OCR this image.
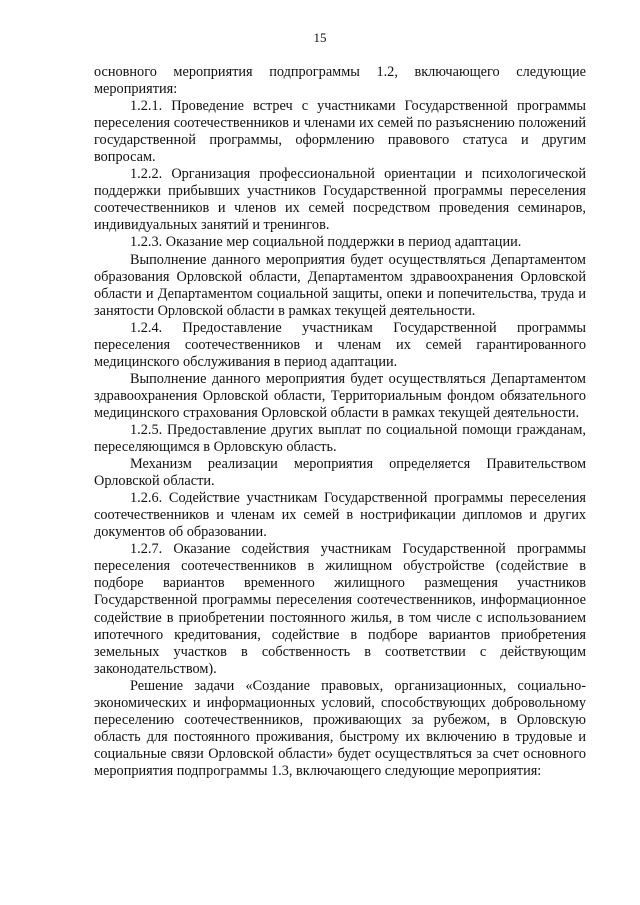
15

основного мероприятия подпрограммы 1.2, включающего следующие мероприятия:

1.2.1. Проведение встреч с участниками Государственной программы переселения соотечественников и членами их семей по разъяснению положений государственной программы, оформлению правового статуса и другим вопросам.

1.2.2. Организация профессиональной ориентации и психологической поддержки прибывших участников Государственной программы переселения соотечественников и членов их семей посредством проведения семинаров, индивидуальных занятий и тренингов.

1.2.3. Оказание мер социальной поддержки в период адаптации.

Выполнение данного мероприятия будет осуществляться Департаментом образования Орловской области, Департаментом здравоохранения Орловской области и Департаментом социальной защиты, опеки и попечительства, труда и занятости Орловской области в рамках текущей деятельности.

1.2.4. Предоставление участникам Государственной программы переселения соотечественников и членам их семей гарантированного медицинского обслуживания в период адаптации.

Выполнение данного мероприятия будет осуществляться Департаментом здравоохранения Орловской области, Территориальным фондом обязательного медицинского страхования Орловской области в рамках текущей деятельности.

1.2.5. Предоставление других выплат по социальной помощи гражданам, переселяющимся в Орловскую область.

Механизм реализации мероприятия определяется Правительством Орловской области.

1.2.6. Содействие участникам Государственной программы переселения соотечественников и членам их семей в нострификации дипломов и других документов об образовании.

1.2.7. Оказание содействия участникам Государственной программы переселения соотечественников в жилищном обустройстве (содействие в подборе вариантов временного жилищного размещения участников Государственной программы переселения соотечественников, информационное содействие в приобретении постоянного жилья, в том числе с использованием ипотечного кредитования, содействие в подборе вариантов приобретения земельных участков в собственность в соответствии с действующим законодательством).

Решение задачи «Создание правовых, организационных, социально-экономических и информационных условий, способствующих добровольному переселению соотечественников, проживающих за рубежом, в Орловскую область для постоянного проживания, быстрому их включению в трудовые и социальные связи Орловской области» будет осуществляться за счет основного мероприятия подпрограммы 1.3, включающего следующие мероприятия:
